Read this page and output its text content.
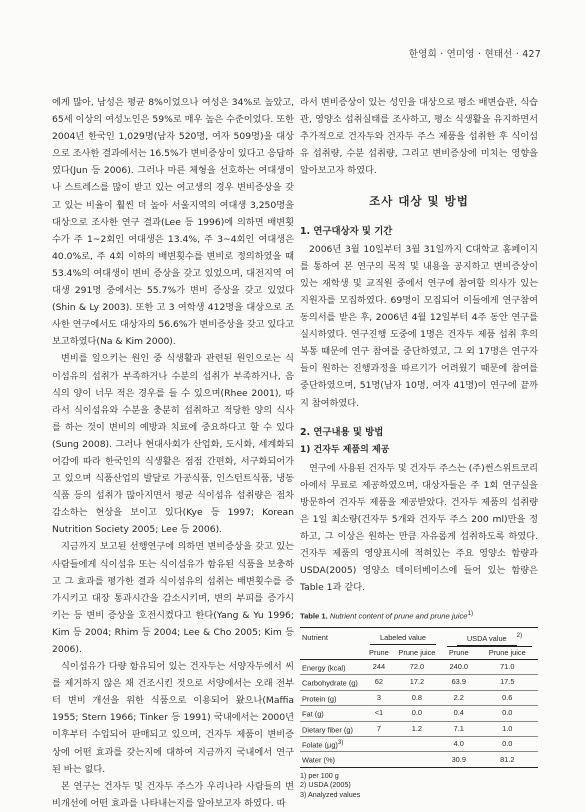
한영희 · 연미영 · 현태선 · 427

에게 많아, 남성은 평균 8%이었으나 여성은 34%로 높았고, 65세 이상의 여성노인은 59%로 매우 높은 수준이었다. 또한 2004년 한국인 1,029명(남자 520명, 여자 509명)을 대상으로 조사한 결과에서는 16.5%가 변비증상이 있다고 응답하였다(Jun 등 2006). 그러나 마른 체형을 선호하는 여대생이나 스트레스를 많이 받고 있는 여고생의 경우 변비증상을 갖고 있는 비율이 훨씬 더 높아 서울지역의 여대생 3,250명을 대상으로 조사한 연구 결과(Lee 등 1996)에 의하면 배변횟수가 주 1~2회인 여대생은 13.4%, 주 3~4회인 여대생은 40.0%로, 주 4회 이하의 배변횟수를 변비로 정의하였을 때 53.4%의 여대생이 변비 증상을 갖고 있었으며, 대전지역 여대생 291명 중에서는 55.7%가 변비 증상을 갖고 있었다(Shin & Ly 2003). 또한 고 3 여학생 412명을 대상으로 조사한 연구에서도 대상자의 56.6%가 변비증상을 갖고 있다고 보고하였다(Na & Kim 2000).

변비를 일으키는 원인 중 식생활과 관련된 원인으로는 식이섬유의 섭취가 부족하거나 수분의 섭취가 부족하거나, 음식의 양이 너무 적은 경우를 들 수 있으며(Rhee 2001), 따라서 식이섬유와 수분을 충분히 섭취하고 적당한 양의 식사를 하는 것이 변비의 예방과 치료에 중요하다고 할 수 있다(Sung 2008). 그러나 현대사회가 산업화, 도시화, 세계화되어감에 따라 한국인의 식생활은 점점 간편화, 서구화되어가고 있으며 식품산업의 발달로 가공식품, 인스턴트식품, 냉동식품 등의 섭취가 많아지면서 평균 식이섬유 섭취량은 점차 감소하는 현상을 보이고 있다(Kye 등 1997; Korean Nutrition Society 2005; Lee 등 2006).

지금까지 보고된 선행연구에 의하면 변비증상을 갖고 있는 사람들에게 식이섬유 또는 식이섬유가 함유된 식품을 보충하고 그 효과를 평가한 결과 식이섬유의 섭취는 배변횟수를 증가시키고 대장 통과시간을 감소시키며, 변의 부피를 증가시키는 등 변비 증상을 호전시켰다고 한다(Yang & Yu 1996; Kim 등 2004; Rhim 등 2004; Lee & Cho 2005; Kim 등 2006).

식이섬유가 다량 함유되어 있는 건자두는 서양자두에서 씨를 제거하지 않은 채 건조시킨 것으로 서양에서는 오래 전부터 변비 개선을 위한 식품으로 이용되어 왔으나(Maffia 1955; Stern 1966; Tinker 등 1991) 국내에서는 2000년 이후부터 수입되어 판매되고 있으며, 건자두 제품이 변비증상에 어떤 효과를 갖는지에 대하여 지금까지 국내에서 연구된 바는 없다.

본 연구는 건자두 및 건자두 주스가 우리나라 사람들의 변비개선에 어떤 효과를 나타내는지를 알아보고자 하였다. 따

라서 변비증상이 있는 성인을 대상으로 평소 배변습관, 식습관, 영양소 섭취실태를 조사하고, 평소 식생활을 유지하면서 추가적으로 건자두와 건자두 주스 제품을 섭취한 후 식이섬유 섭취량, 수분 섭취량, 그리고 변비증상에 미치는 영향을 알아보고자 하였다.

조사 대상 및 방법
1. 연구대상자 및 기간

2006년 3월 10일부터 3월 31일까지 C대학교 홈페이지를 통하여 본 연구의 목적 및 내용을 공지하고 변비증상이 있는 재학생 및 교직원 중에서 연구에 참여할 의사가 있는 지원자를 모집하였다. 69명이 모집되어 이들에게 연구참여 동의서를 받은 후, 2006년 4월 12일부터 4주 동안 연구를 실시하였다. 연구진행 도중에 1명은 건자두 제품 섭취 후의 복통 때문에 연구 참여를 중단하였고, 그 외 17명은 연구자들이 원하는 진행과정을 따르기가 어려웠기 때문에 참여를 중단하였으며, 51명(남자 10명, 여자 41명)이 연구에 끝까지 참여하였다.

2. 연구내용 및 방법
1) 건자두 제품의 제공

연구에 사용된 건자두 및 건자두 주스는 (주)썬스위트코리아에서 무료로 제공하였으며, 대상자들은 주 1회 연구실을 방문하여 건자두 제품을 제공받았다. 건자두 제품의 섭취량은 1일 최소량(건자두 5개와 건자두 주스 200 ml)만을 정하고, 그 이상은 원하는 만큼 자유롭게 섭취하도록 하였다. 건자두 제품의 영양표시에 적혀있는 주요 영양소 함량과 USDA(2005) 영양소 데이터베이스에 들어 있는 함량은 Table 1과 같다.

Table 1. Nutrient content of prune and prune juice$^{1)}$
Nutrient	Labeled value		USDA value $^{2)}$
	Prune	Prune juice	Prune	Prune juice
Energy (kcal)	244	72.0	240.0	71.0
Carbohydrate (g)	62	17.2	63.9	17.5
Protein (g)	3	0.8	2.2	0.6
Fat (g)	<1	0.0	0.4	0.0
Dietary fiber (g)	7	1.2	7.1	1.0
Folate $(\mu g)^{3)}$			4.0	0.0
Water (%)			30.9	81.2
1) per 100 g
2) USDA (2005)
3) Analyzed values
